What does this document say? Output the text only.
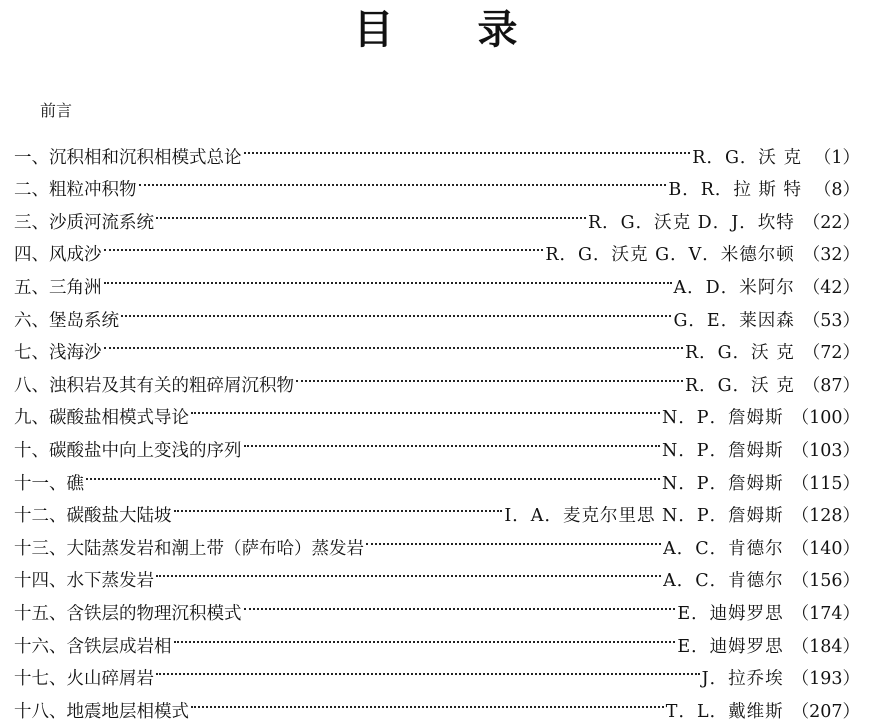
目 录
前言
一、 沉积相和沉积相模式总论	R．G．沃 克 （1）
二、 粗粒冲积物	B．R．拉 斯 特 （8）
三、 沙质河流系统	R．G．沃克 D．J．坎特 （22）
四、 风成沙	R．G．沃克 G．V．米德尔顿 （32）
五、 三角洲	A．D．米阿尔 （42）
六、 堡岛系统	G．E．莱因森 （53）
七、 浅海沙	R．G．沃 克 （72）
八、 浊积岩及其有关的粗碎屑沉积物	R．G．沃 克 （87）
九、 碳酸盐相模式导论	N．P．詹姆斯 （100）
十、 碳酸盐中向上变浅的序列	N．P．詹姆斯 （103）
十一、 礁	N．P．詹姆斯 （115）
十二、 碳酸盐大陆坡	I．A．麦克尔里思 N．P．詹姆斯 （128）
十三、 大陆蒸发岩和潮上带（萨布哈）蒸发岩	A．C．肯德尔 （140）
十四、 水下蒸发岩	A．C．肯德尔 （156）
十五、 含铁层的物理沉积模式	E．迪姆罗思 （174）
十六、 含铁层成岩相	E．迪姆罗思 （184）
十七、 火山碎屑岩	J．拉乔埃 （193）
十八、 地震地层相模式	T．L．戴维斯 （207）
